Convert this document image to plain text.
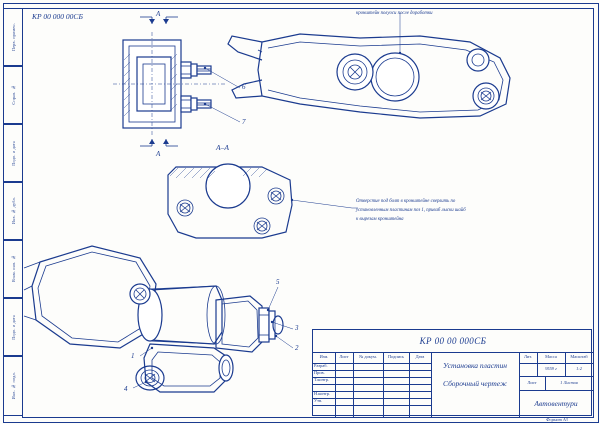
Перв. примен.
Справ. №
Подп. и дата
Инв. № дубл.
Взам. инв. №
Подп. и дата
Инв. № подл.
КР 00 000 00СБ	А
А
А–А
кронштейн полуоси после доработки
Отверстие под болт в кронштейне сверлить по
установленным пластинам поз 1, приваб лыски шайб
к вырезам кронштейна
1
2
3
4
5
6
7
Формат А3
КР 00 00 000СБ
Изм.	Лист № докум.	Подпись	Дата
Разраб.
Пров.
Т.контр.
Н.контр.
Утв.
Установка пластин
Сборочный чертеж
Лит.	Масса	Масштаб
9559 г	1:2
Лист	1
Листов
Автовентури
